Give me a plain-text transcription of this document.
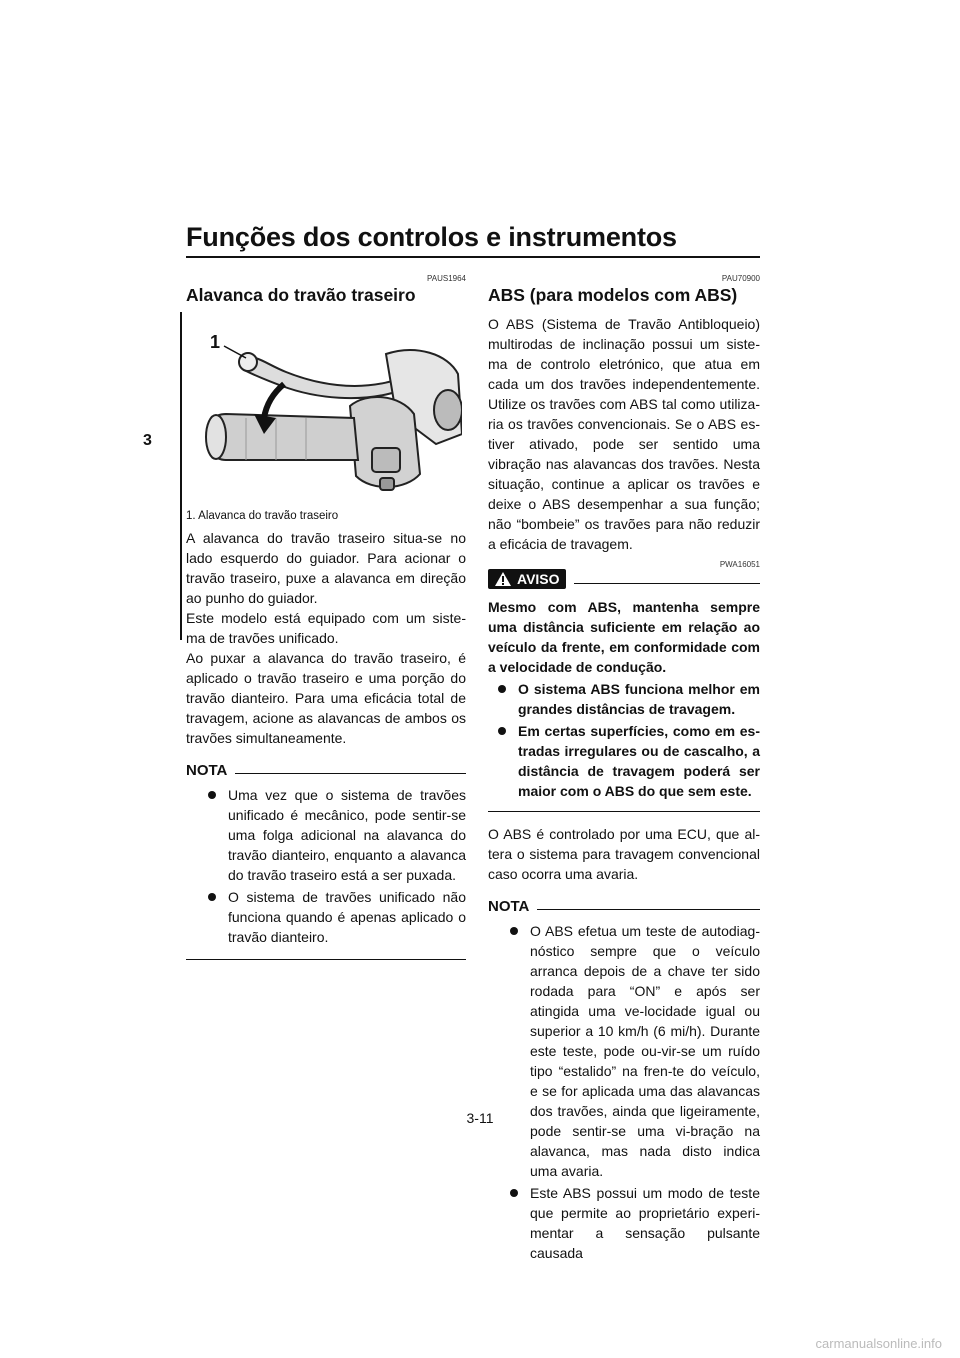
Funções dos controlos e instrumentos
3
PAUS1964
Alavanca do travão traseiro
1
1. Alavanca do travão traseiro

A alavanca do travão traseiro situa-se no lado esquerdo do guiador. Para acionar o travão traseiro, puxe a alavanca em direção ao punho do guiador.

Este modelo está equipado com um siste-ma de travões unificado.

Ao puxar a alavanca do travão traseiro, é aplicado o travão traseiro e uma porção do travão dianteiro. Para uma eficácia total de travagem, acione as alavancas de ambos os travões simultaneamente.

NOTA
Uma vez que o sistema de travões unificado é mecânico, pode sentir-se uma folga adicional na alavanca do travão dianteiro, enquanto a alavanca do travão traseiro está a ser puxada.
O sistema de travões unificado não funciona quando é apenas aplicado o travão dianteiro.
PAU70900
ABS (para modelos com ABS)

O ABS (Sistema de Travão Antibloqueio) multirodas de inclinação possui um siste-ma de controlo eletrónico, que atua em cada um dos travões independentemente. Utilize os travões com ABS tal como utiliza-ria os travões convencionais. Se o ABS es-tiver ativado, pode ser sentido uma vibração nas alavancas dos travões. Nesta situação, continue a aplicar os travões e deixe o ABS desempenhar a sua função; não “bombeie” os travões para não reduzir a eficácia de travagem.

PWA16051
AVISO

Mesmo com ABS, mantenha sempre uma distância suficiente em relação ao veículo da frente, em conformidade com a velocidade de condução.

O sistema ABS funciona melhor em grandes distâncias de travagem.
Em certas superfícies, como em es-tradas irregulares ou de cascalho, a distância de travagem poderá ser maior com o ABS do que sem este.

O ABS é controlado por uma ECU, que al-tera o sistema para travagem convencional caso ocorra uma avaria.

NOTA
O ABS efetua um teste de autodiag-nóstico sempre que o veículo arranca depois de a chave ter sido rodada para “ON” e após ser atingida uma ve-locidade igual ou superior a 10 km/h (6 mi/h). Durante este teste, pode ou-vir-se um ruído tipo “estalido” na fren-te do veículo, e se for aplicada uma das alavancas dos travões, ainda que ligeiramente, pode sentir-se uma vi-bração na alavanca, mas nada disto indica uma avaria.
Este ABS possui um modo de teste que permite ao proprietário experi-mentar a sensação pulsante causada
3-11
carmanualsonline.info
